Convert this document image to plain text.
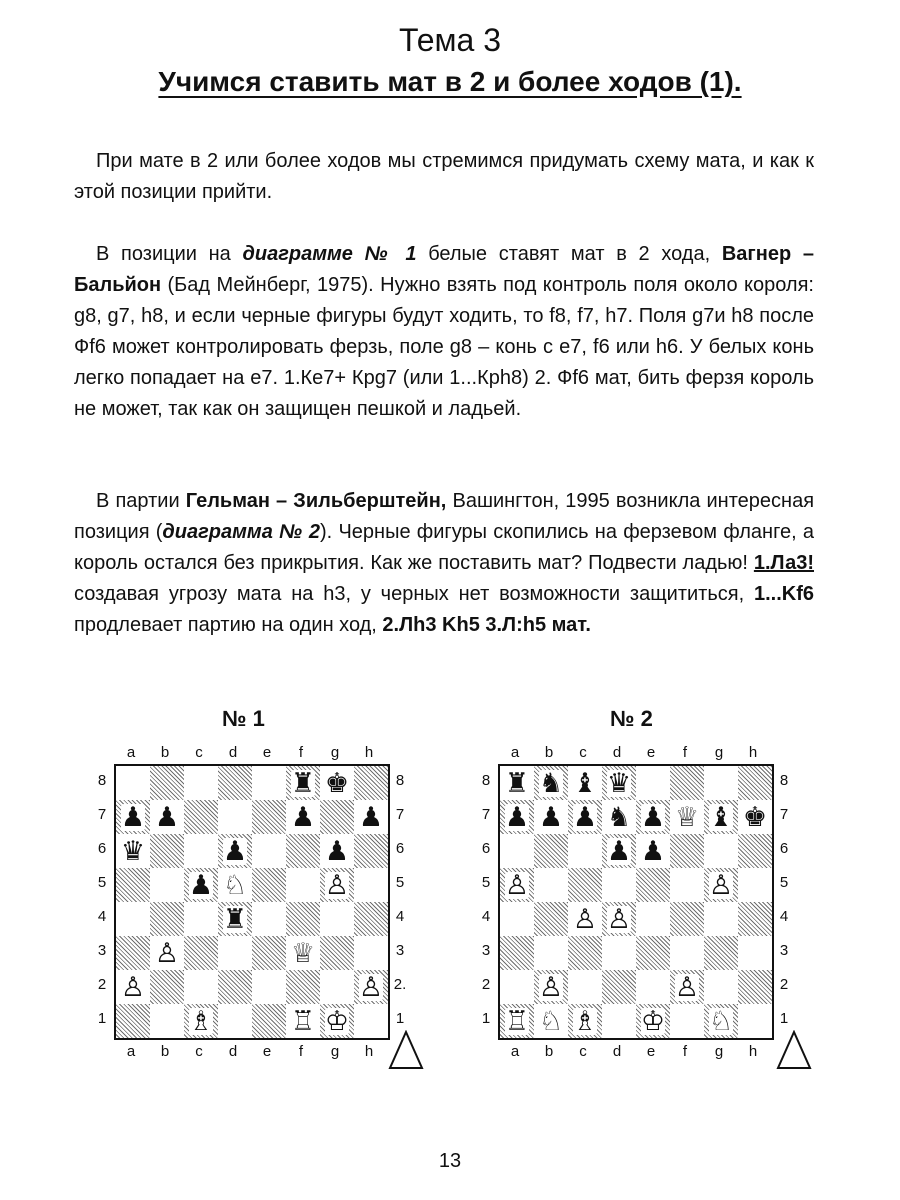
Тема 3
Учимся ставить мат в 2 и более ходов (1).

При мате в 2 или более ходов мы стремимся придумать схему мата, и как к этой позиции прийти.

В позиции на диаграмме № 1 белые ставят мат в 2 хода, Вагнер – Бальйон (Бад Мейнберг, 1975). Нужно взять под контроль поля около короля: g8, g7, h8, и если черные фигуры будут ходить, то f8, f7, h7. Поля g7и h8 после Фf6 может контролировать ферзь, поле g8 – конь с е7, f6 или h6. У белых конь легко попадает на е7. 1.Ке7+ Крg7 (или 1...Крh8) 2. Фf6 мат, бить ферзя король не может, так как он защищен пешкой и ладьей.

В партии Гельман – Зильберштейн, Вашингтон, 1995 возникла интересная позиция (диаграмма № 2). Черные фигуры скопились на ферзевом фланге, а король остался без прикрытия. Как же поставить мат? Подвести ладью! 1.Ла3! создавая угрозу мата на h3, у черных нет возможности защититься, 1...Kf6 продлевает партию на один ход, 2.Лh3 Kh5 3.Л:h5 мат.

№ 1
a	b	c	d	e	f	g	h
8
7
6
5
4
3
2
1
♜ ♚
♟ ♟	♟ ♟
♛	♟	♟
♟ ♘	♙
♜
♙	♕
♙	♙
♗	♖ ♔
8
7
6
5
4
3
2.
1
a	b	c	d	e	f	g	h
№ 2
a	b	c	d	e	f	g	h
8
7
6
5
4
3
2
1
♜ ♞ ♝ ♛
♟ ♟ ♟ ♞ ♟ ♕ ♝ ♚
♟ ♟
♙	♙
♙ ♙
♙	♙
♖ ♘ ♗ ♔ ♘
8
7
6
5
4
3
2
1
a	b	c	d	e	f	g	h
13
